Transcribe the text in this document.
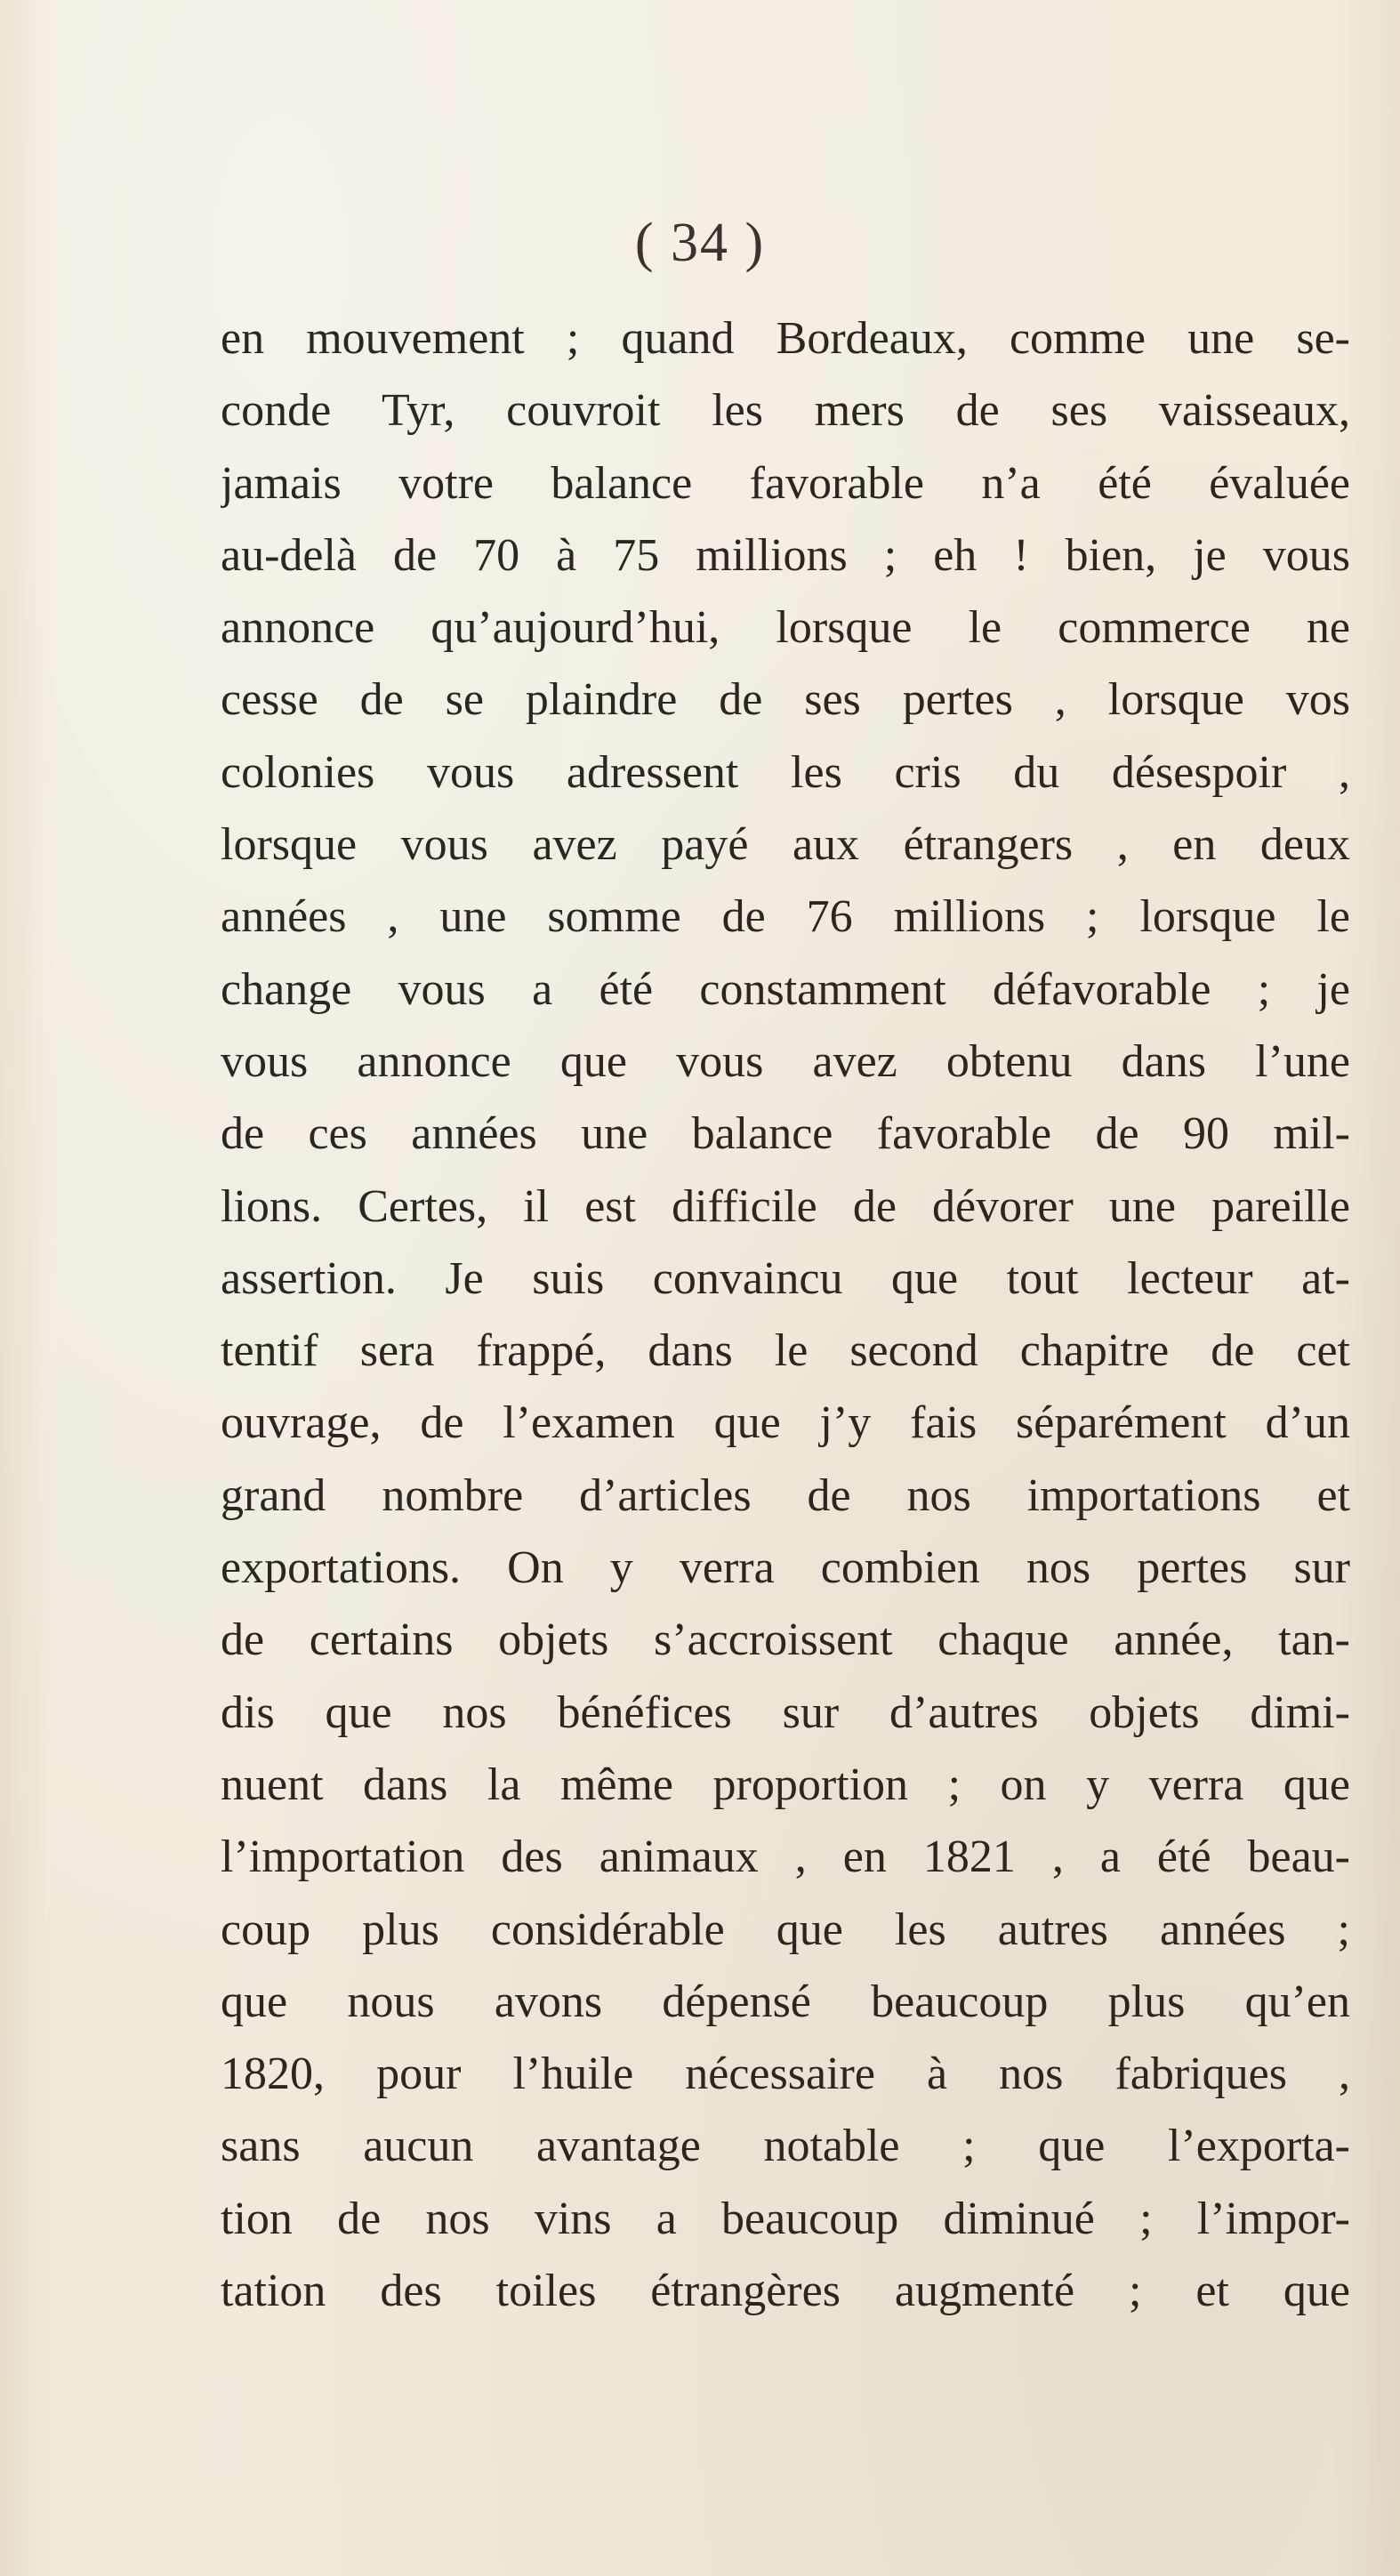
( 34 )
en mouvement ; quand Bordeaux, comme une se-
conde Tyr, couvroit les mers de ses vaisseaux,
jamais votre balance favorable n’a été évaluée
au-delà de 70 à 75 millions ; eh ! bien, je vous
annonce qu’aujourd’hui, lorsque le commerce ne
cesse de se plaindre de ses pertes , lorsque vos
colonies vous adressent les cris du désespoir ,
lorsque vous avez payé aux étrangers , en deux
années , une somme de 76 millions ; lorsque le
change vous a été constamment défavorable ; je
vous annonce que vous avez obtenu dans l’une
de ces années une balance favorable de 90 mil-
lions. Certes, il est difficile de dévorer une pareille
assertion. Je suis convaincu que tout lecteur at-
tentif sera frappé, dans le second chapitre de cet
ouvrage, de l’examen que j’y fais séparément d’un
grand nombre d’articles de nos importations et
exportations. On y verra combien nos pertes sur
de certains objets s’accroissent chaque année, tan-
dis que nos bénéfices sur d’autres objets dimi-
nuent dans la même proportion ; on y verra que
l’importation des animaux , en 1821 , a été beau-
coup plus considérable que les autres années ;
que nous avons dépensé beaucoup plus qu’en
1820, pour l’huile nécessaire à nos fabriques ,
sans aucun avantage notable ; que l’exporta-
tion de nos vins a beaucoup diminué ; l’impor-
tation des toiles étrangères augmenté ; et que
